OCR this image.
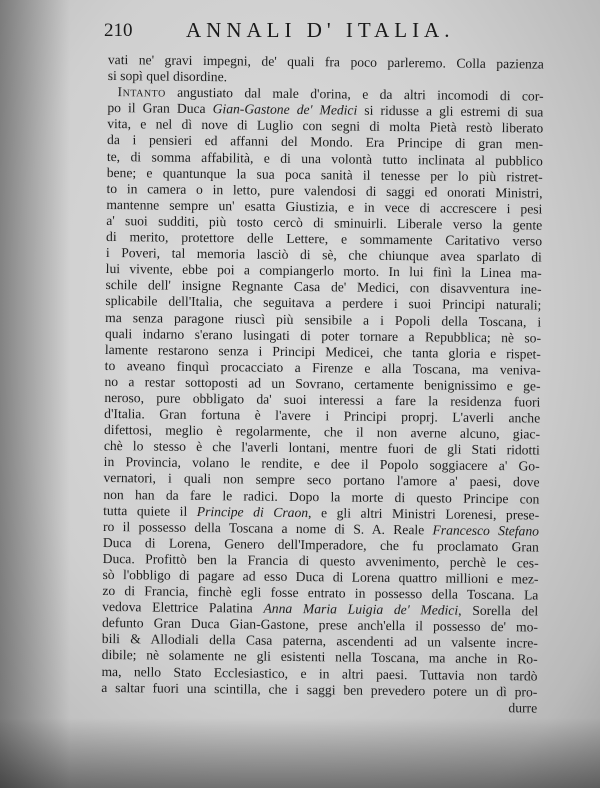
210	ANNALI D' ITALIA.
vati ne' gravi impegni, de' quali fra poco parleremo. Colla pazienza
si sopì quel disordine.
Intanto angustiato dal male d'orina, e da altri incomodi di cor-
po il Gran Duca Gian-Gastone de' Medici si ridusse a gli estremi di sua
vita, e nel dì nove di Luglio con segni di molta Pietà restò liberato
da i pensieri ed affanni del Mondo. Era Principe di gran men-
te, di somma affabilità, e di una volontà tutto inclinata al pubblico
bene; e quantunque la sua poca sanità il tenesse per lo più ristret-
to in camera o in letto, pure valendosi di saggi ed onorati Ministri,
mantenne sempre un' esatta Giustizia, e in vece di accrescere i pesi
a' suoi sudditi, più tosto cercò di sminuirli. Liberale verso la gente
di merito, protettore delle Lettere, e sommamente Caritativo verso
i Poveri, tal memoria lasciò di sè, che chiunque avea sparlato di
lui vivente, ebbe poi a compiangerlo morto. In lui finì la Linea ma-
schile dell' insigne Regnante Casa de' Medici, con disavventura ine-
splicabile dell'Italia, che seguitava a perdere i suoi Principi naturali;
ma senza paragone riuscì più sensibile a i Popoli della Toscana, i
quali indarno s'erano lusingati di poter tornare a Repubblica; nè so-
lamente restarono senza i Principi Medicei, che tanta gloria e rispet-
to aveano finquì procacciato a Firenze e alla Toscana, ma veniva-
no a restar sottoposti ad un Sovrano, certamente benignissimo e ge-
neroso, pure obbligato da' suoi interessi a fare la residenza fuori
d'Italia. Gran fortuna è l'avere i Principi proprj. L'averli anche
difettosi, meglio è regolarmente, che il non averne alcuno, giac-
chè lo stesso è che l'averli lontani, mentre fuori de gli Stati ridotti
in Provincia, volano le rendite, e dee il Popolo soggiacere a' Go-
vernatori, i quali non sempre seco portano l'amore a' paesi, dove
non han da fare le radici. Dopo la morte di questo Principe con
tutta quiete il Principe di Craon, e gli altri Ministri Lorenesi, prese-
ro il possesso della Toscana a nome di S. A. Reale Francesco Stefano
Duca di Lorena, Genero dell'Imperadore, che fu proclamato Gran
Duca. Profittò ben la Francia di questo avvenimento, perchè le ces-
sò l'obbligo di pagare ad esso Duca di Lorena quattro millioni e mez-
zo di Francia, finchè egli fosse entrato in possesso della Toscana. La
vedova Elettrice Palatina Anna Maria Luigia de' Medici, Sorella del
defunto Gran Duca Gian-Gastone, prese anch'ella il possesso de' mo-
bili & Allodiali della Casa paterna, ascendenti ad un valsente incre-
dibile; nè solamente ne gli esistenti nella Toscana, ma anche in Ro-
ma, nello Stato Ecclesiastico, e in altri paesi. Tuttavia non tardò
a saltar fuori una scintilla, che i saggi ben prevedero potere un dì pro-
durre
